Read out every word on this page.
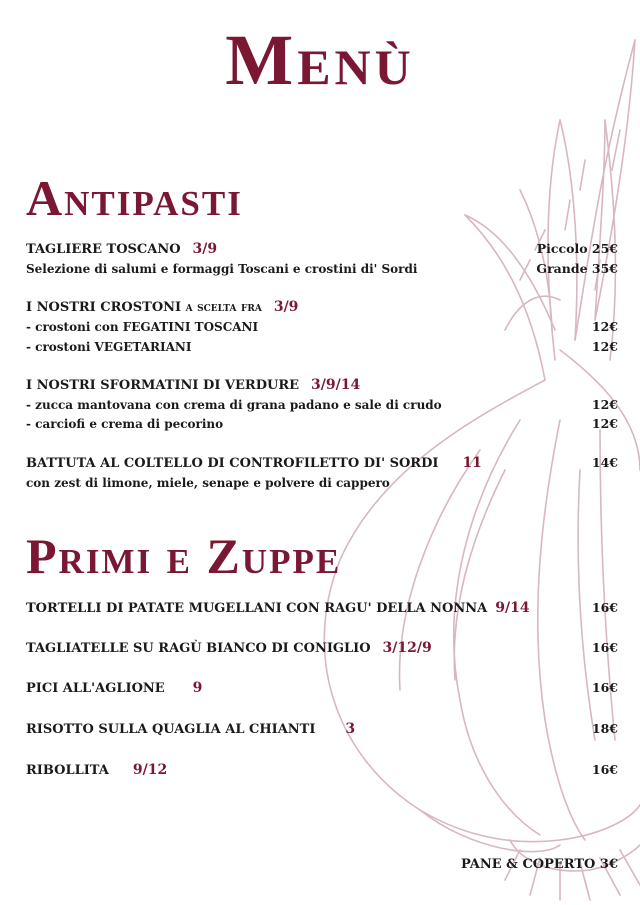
Menù
Antipasti
TAGLIERE TOSCANO 3/9	Piccolo 25€
Selezione di salumi e formaggi Toscani e crostini di' Sordi	Grande 35€
I NOSTRI CROSTONI a scelta fra 3/9
- crostoni con FEGATINI TOSCANI	12€
- crostoni VEGETARIANI	12€
I NOSTRI SFORMATINI DI VERDURE 3/9/14
- zucca mantovana con crema di grana padano e sale di crudo	12€
- carciofi e crema di pecorino	12€
BATTUTA AL COLTELLO DI CONTROFILETTO DI' SORDI 11	14€
con zest di limone, miele, senape e polvere di cappero
Primi e Zuppe
TORTELLI DI PATATE MUGELLANI CON RAGU' DELLA NONNA 9/14	16€
TAGLIATELLE SU RAGÙ BIANCO DI CONIGLIO 3/12/9	16€
PICI ALL'AGLIONE 9	16€
RISOTTO SULLA QUAGLIA AL CHIANTI 3	18€
RIBOLLITA 9/12	16€
PANE & COPERTO 3€
